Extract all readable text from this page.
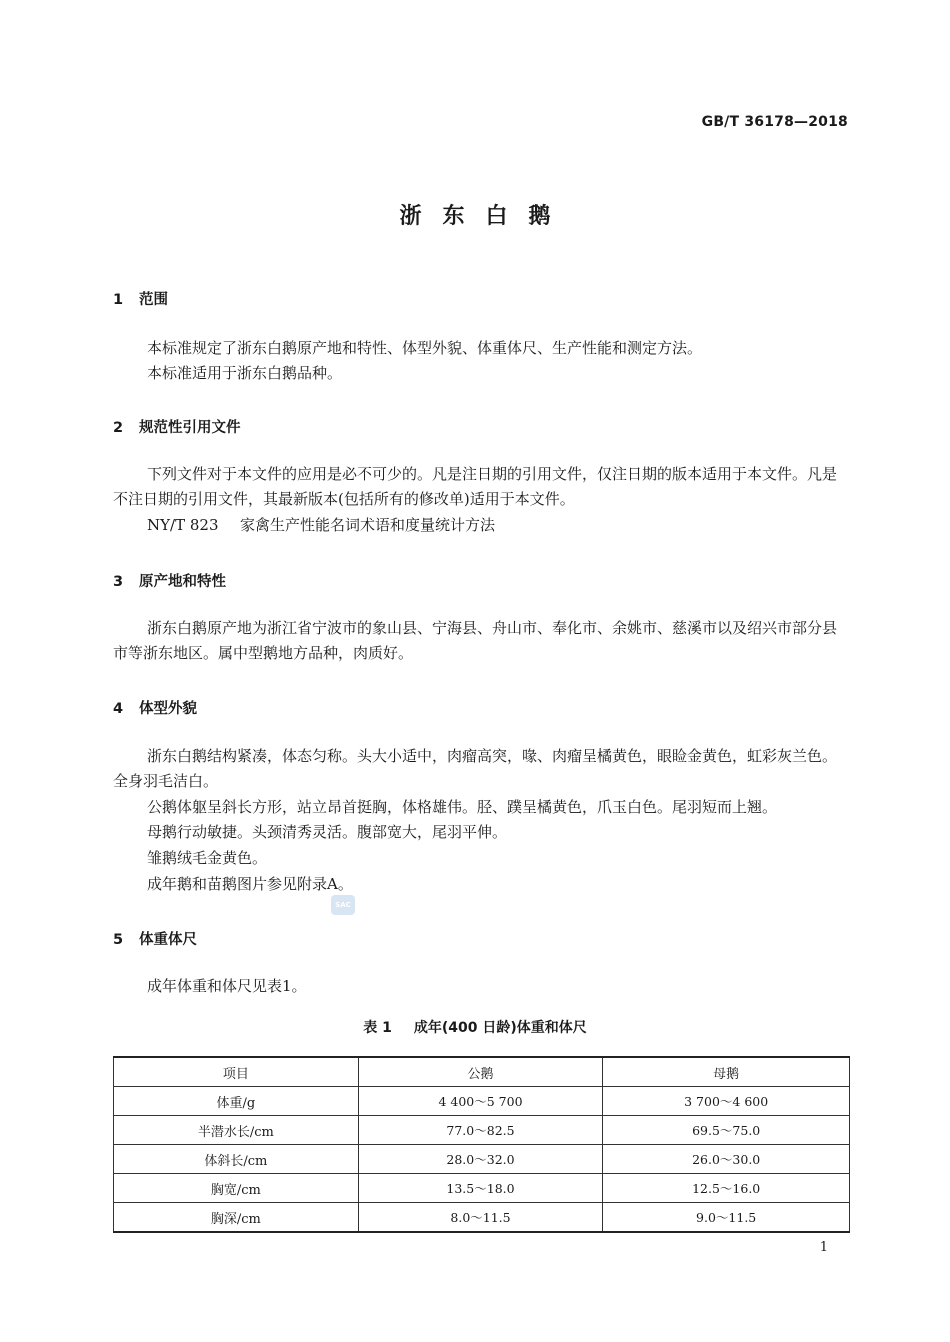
GB/T 36178—2018
浙东白鹅
1 范围
本标准规定了浙东白鹅原产地和特性、体型外貌、体重体尺、生产性能和测定方法。
本标准适用于浙东白鹅品种。
2 规范性引用文件
下列文件对于本文件的应用是必不可少的。凡是注日期的引用文件，仅注日期的版本适用于本文件。凡是不注日期的引用文件，其最新版本(包括所有的修改单)适用于本文件。
NY/T 823 家禽生产性能名词术语和度量统计方法
3 原产地和特性
浙东白鹅原产地为浙江省宁波市的象山县、宁海县、舟山市、奉化市、余姚市、慈溪市以及绍兴市部分县市等浙东地区。属中型鹅地方品种，肉质好。
4 体型外貌
浙东白鹅结构紧凑，体态匀称。头大小适中，肉瘤高突，喙、肉瘤呈橘黄色，眼睑金黄色，虹彩灰兰色。全身羽毛洁白。
公鹅体躯呈斜长方形，站立昂首挺胸，体格雄伟。胫、蹼呈橘黄色，爪玉白色。尾羽短而上翘。
母鹅行动敏捷。头颈清秀灵活。腹部宽大，尾羽平伸。
雏鹅绒毛金黄色。
成年鹅和苗鹅图片参见附录A。
SAC
5 体重体尺
成年体重和体尺见表1。
表 1 成年(400 日龄)体重和体尺
项目	公鹅	母鹅
体重/g	4 400～5 700	3 700～4 600
半潜水长/cm	77.0～82.5	69.5～75.0
体斜长/cm	28.0～32.0	26.0～30.0
胸宽/cm	13.5～18.0	12.5～16.0
胸深/cm	8.0～11.5	9.0～11.5
1
